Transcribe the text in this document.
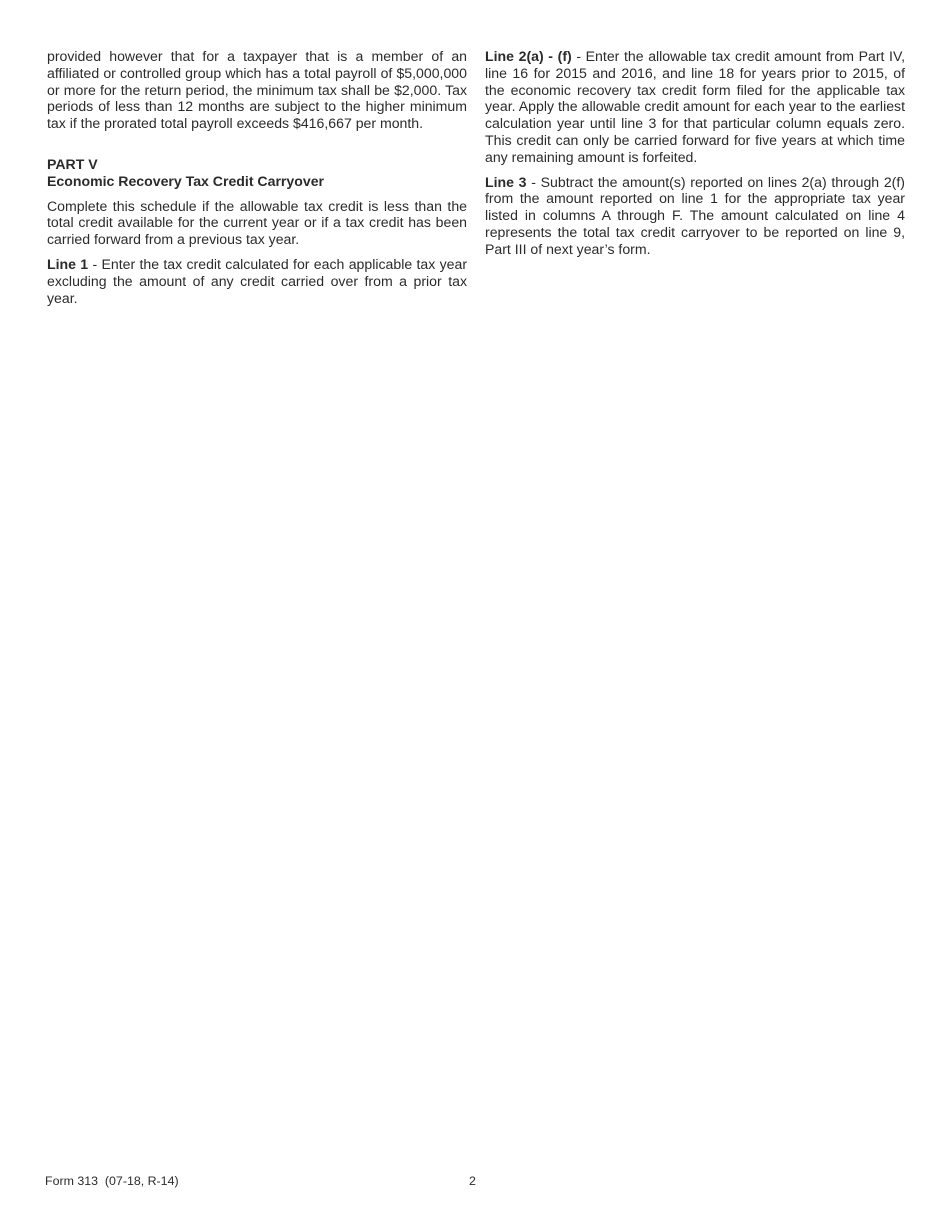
provided however that for a taxpayer that is a member of an affiliated or controlled group which has a total payroll of $5,000,000 or more for the return period, the minimum tax shall be $2,000. Tax periods of less than 12 months are subject to the higher minimum tax if the prorated total payroll exceeds $416,667 per month.

PART V
Economic Recovery Tax Credit Carryover

Complete this schedule if the allowable tax credit is less than the total credit available for the current year or if a tax credit has been carried forward from a previous tax year.

Line 1 - Enter the tax credit calculated for each applicable tax year excluding the amount of any credit carried over from a prior tax year.

Line 2(a) - (f) - Enter the allowable tax credit amount from Part IV, line 16 for 2015 and 2016, and line 18 for years prior to 2015, of the economic recovery tax credit form filed for the applicable tax year. Apply the allowable credit amount for each year to the earliest calculation year until line 3 for that particular column equals zero. This credit can only be carried forward for five years at which time any remaining amount is forfeited.

Line 3 - Subtract the amount(s) reported on lines 2(a) through 2(f) from the amount reported on line 1 for the appropriate tax year listed in columns A through F. The amount calculated on line 4 represents the total tax credit carryover to be reported on line 9, Part III of next year’s form.

Form 313  (07-18, R-14)	2
